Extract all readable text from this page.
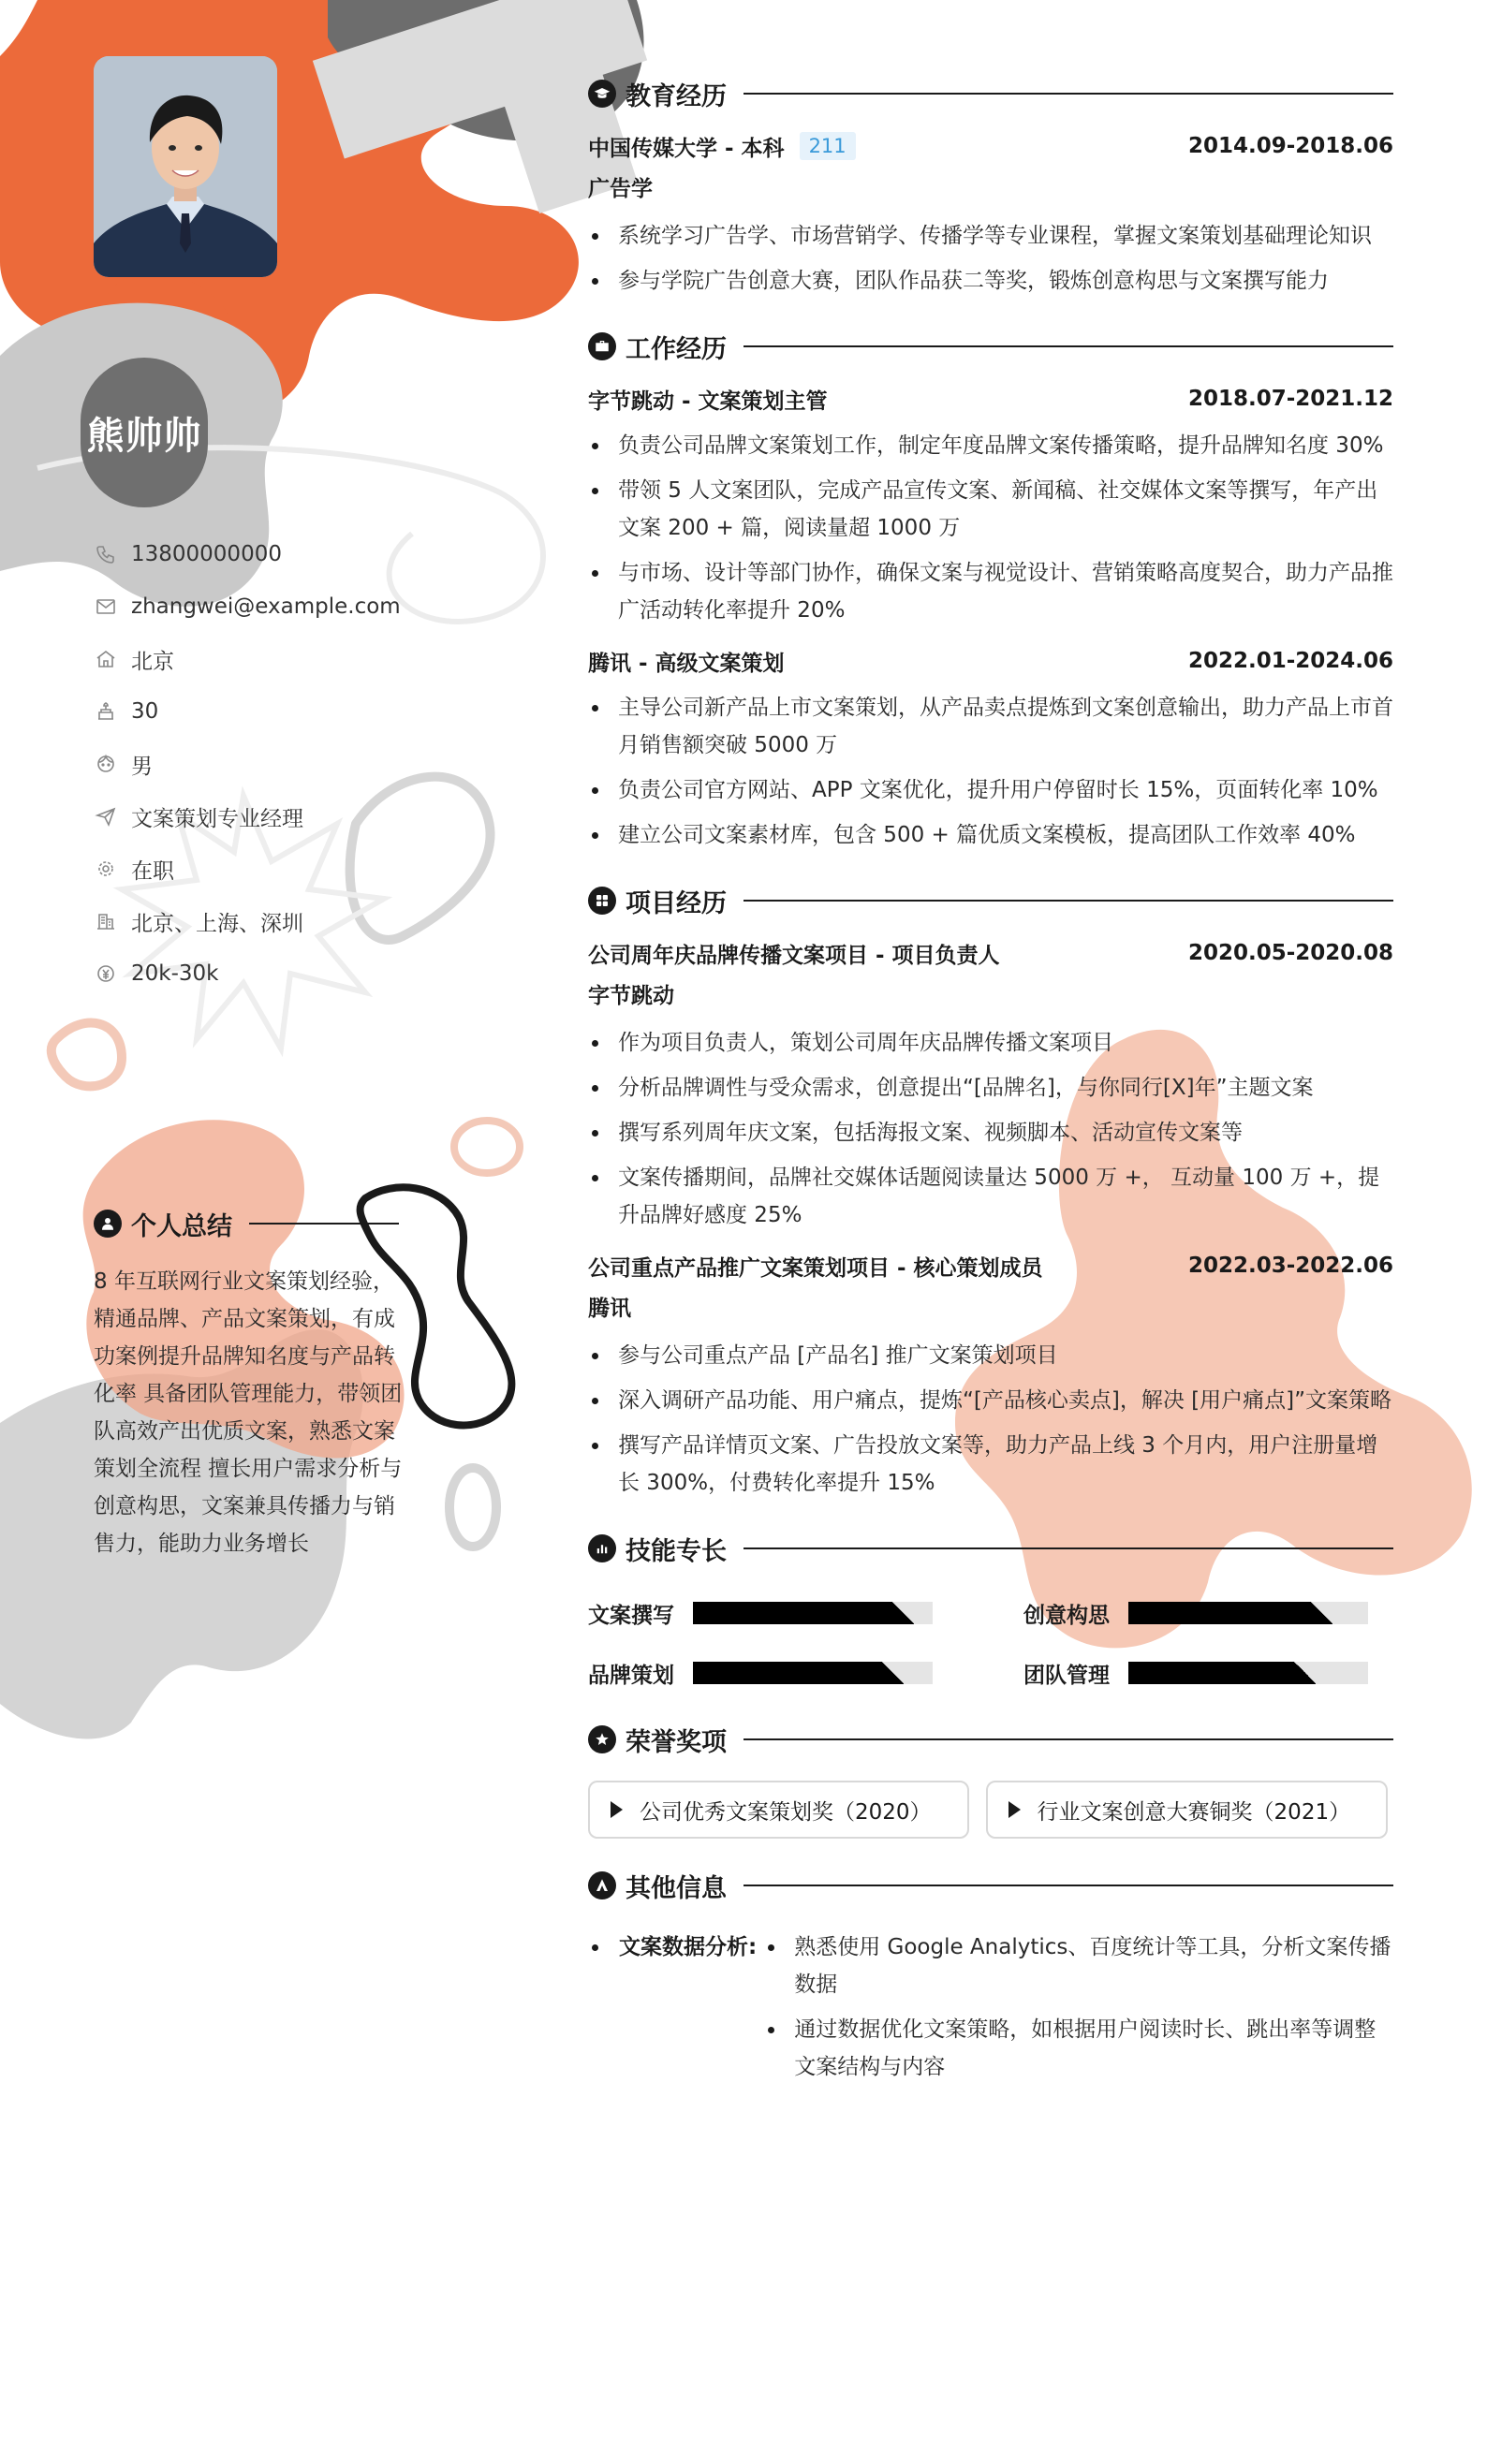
熊帅帅
13800000000
zhangwei@example.com
北京
30
男
文案策划专业经理
在职
北京、上海、深圳
20k-30k
个人总结
8 年互联网行业文案策划经验，精通品牌、产品文案策划，有成功案例提升品牌知名度与产品转化率 具备团队管理能力，带领团队高效产出优质文案，熟悉文案策划全流程 擅长用户需求分析与创意构思，文案兼具传播力与销售力，能助力业务增长
教育经历
中国传媒大学 - 本科	211	2014.09-2018.06
广告学
系统学习广告学、市场营销学、传播学等专业课程，掌握文案策划基础理论知识
参与学院广告创意大赛，团队作品获二等奖，锻炼创意构思与文案撰写能力
工作经历
字节跳动 - 文案策划主管	2018.07-2021.12
负责公司品牌文案策划工作，制定年度品牌文案传播策略，提升品牌知名度 30%
带领 5 人文案团队，完成产品宣传文案、新闻稿、社交媒体文案等撰写，年产出文案 200 + 篇，阅读量超 1000 万
与市场、设计等部门协作，确保文案与视觉设计、营销策略高度契合，助力产品推广活动转化率提升 20%
腾讯 - 高级文案策划	2022.01-2024.06
主导公司新产品上市文案策划，从产品卖点提炼到文案创意输出，助力产品上市首月销售额突破 5000 万
负责公司官方网站、APP 文案优化，提升用户停留时长 15%，页面转化率 10%
建立公司文案素材库，包含 500 + 篇优质文案模板，提高团队工作效率 40%
项目经历
公司周年庆品牌传播文案项目 - 项目负责人	2020.05-2020.08
字节跳动
作为项目负责人，策划公司周年庆品牌传播文案项目
分析品牌调性与受众需求，创意提出“[品牌名]，与你同行[X]年”主题文案
撰写系列周年庆文案，包括海报文案、视频脚本、活动宣传文案等
文案传播期间，品牌社交媒体话题阅读量达 5000 万 +， 互动量 100 万 +，提升品牌好感度 25%
公司重点产品推广文案策划项目 - 核心策划成员	2022.03-2022.06
腾讯
参与公司重点产品 [产品名] 推广文案策划项目
深入调研产品功能、用户痛点，提炼“[产品核心卖点]，解决 [用户痛点]”文案策略
撰写产品详情页文案、广告投放文案等，助力产品上线 3 个月内，用户注册量增长 300%，付费转化率提升 15%
技能专长
文案撰写	创意构思
品牌策划	团队管理
荣誉奖项
公司优秀文案策划奖（2020）	行业文案创意大赛铜奖（2021）
其他信息
文案数据分析:	熟悉使用 Google Analytics、百度统计等工具，分析文案传播数据
通过数据优化文案策略，如根据用户阅读时长、跳出率等调整文案结构与内容
